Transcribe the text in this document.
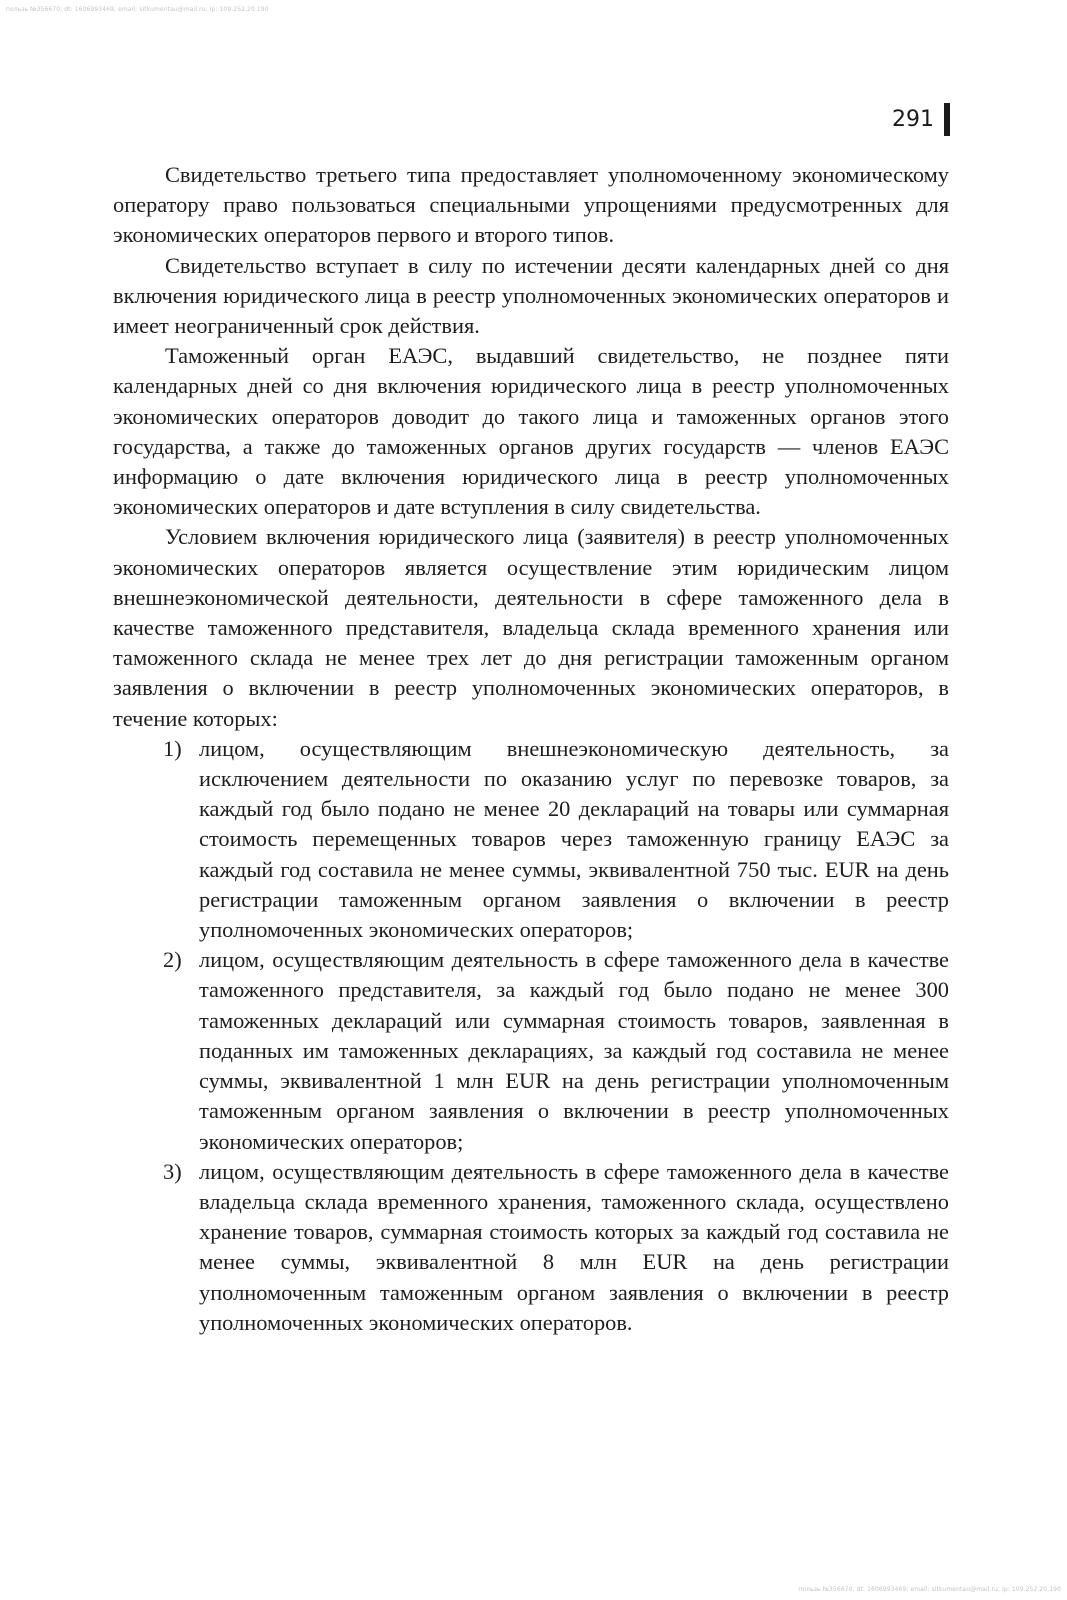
пользь №356670; dt: 1606993469; email: sitkumentau@mail.ru; ip: 109.252.20.190
291

Свидетельство третьего типа предоставляет уполномоченному экономическому оператору право пользоваться специальными упрощениями предусмотренных для экономических операторов первого и второго типов.

Свидетельство вступает в силу по истечении десяти календарных дней со дня включения юридического лица в реестр уполномоченных экономических операторов и имеет неограниченный срок действия.

Таможенный орган ЕАЭС, выдавший свидетельство, не позднее пяти календарных дней со дня включения юридического лица в реестр уполномоченных экономических операторов доводит до такого лица и таможенных органов этого государства, а также до таможенных органов других государств — членов ЕАЭС информацию о дате включения юридического лица в реестр уполномоченных экономических операторов и дате вступления в силу свидетельства.

Условием включения юридического лица (заявителя) в реестр уполномоченных экономических операторов является осуществление этим юридическим лицом внешнеэкономической деятельности, деятельности в сфере таможенного дела в качестве таможенного представителя, владельца склада временного хранения или таможенного склада не менее трех лет до дня регистрации таможенным органом заявления о включении в реестр уполномоченных экономических операторов, в течение которых:

1) лицом, осуществляющим внешнеэкономическую деятельность, за исключением деятельности по оказанию услуг по перевозке товаров, за каждый год было подано не менее 20 деклараций на товары или суммарная стоимость перемещенных товаров через таможенную границу ЕАЭС за каждый год составила не менее суммы, эквивалентной 750 тыс. EUR на день регистрации таможенным органом заявления о включении в реестр уполномоченных экономических операторов;
2) лицом, осуществляющим деятельность в сфере таможенного дела в качестве таможенного представителя, за каждый год было подано не менее 300 таможенных деклараций или суммарная стоимость товаров, заявленная в поданных им таможенных декларациях, за каждый год составила не менее суммы, эквивалентной 1 млн EUR на день регистрации уполномоченным таможенным органом заявления о включении в реестр уполномоченных экономических операторов;
3) лицом, осуществляющим деятельность в сфере таможенного дела в качестве владельца склада временного хранения, таможенного склада, осуществлено хранение товаров, суммарная стоимость которых за каждый год составила не менее суммы, эквивалентной 8 млн EUR на день регистрации уполномоченным таможенным органом заявления о включении в реестр уполномоченных экономических операторов.
пользь №356670; dt: 1606993469; email: sitkumentau@mail.ru; ip: 109.252.20.190
